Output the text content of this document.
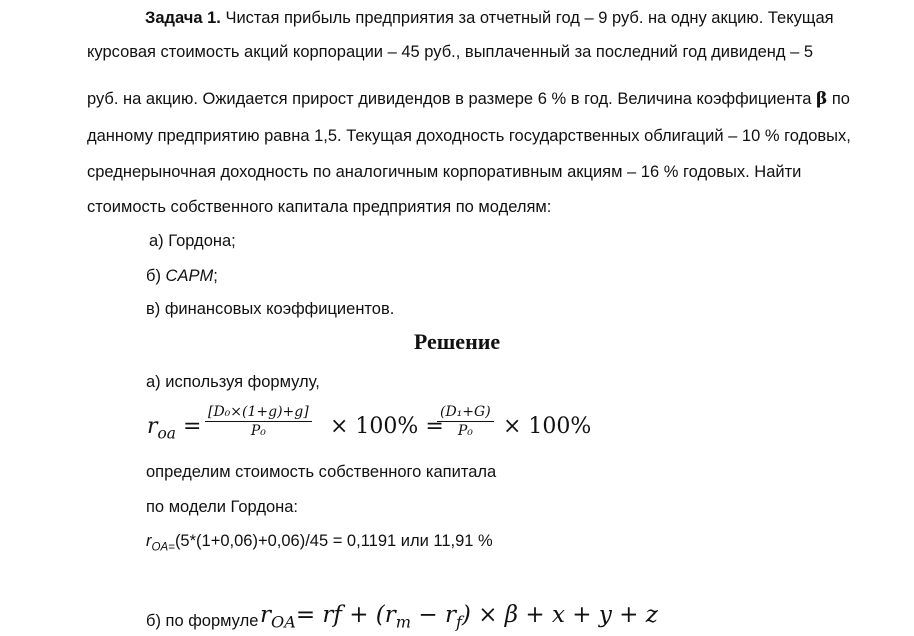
Задача 1. Чистая прибыль предприятия за отчетный год – 9 руб. на одну акцию. Текущая
курсовая стоимость акций корпорации – 45 руб., выплаченный за последний год дивиденд – 5
руб. на акцию. Ожидается прирост дивидендов в размере 6 % в год. Величина коэффициента β по
данному предприятию равна 1,5. Текущая доходность государственных облигаций – 10 % годовых,
среднерыночная доходность по аналогичным корпоративным акциям – 16 % годовых. Найти
стоимость собственного капитала предприятия по моделям:
а) Гордона;
б) CAPM;
в) финансовых коэффициентов.
Решение
а) используя формулу,
$r_{oa} = \frac{\text{[D₀×(1+g)+g]}}{\text{P₀}} \times 100\%$ =
$\frac{\text{(D₁+G)}}{\text{P₀}} \times 100\%$
определим стоимость собственного капитала
по модели Гордона:
$r_{OA=}(5*(1+0,06)+0,06)/45 = 0,1191$ или 11,91 %
б) по формуле $r_{OA}=$ rf + $(r_m - r_f) \times \beta + x + y + z$
